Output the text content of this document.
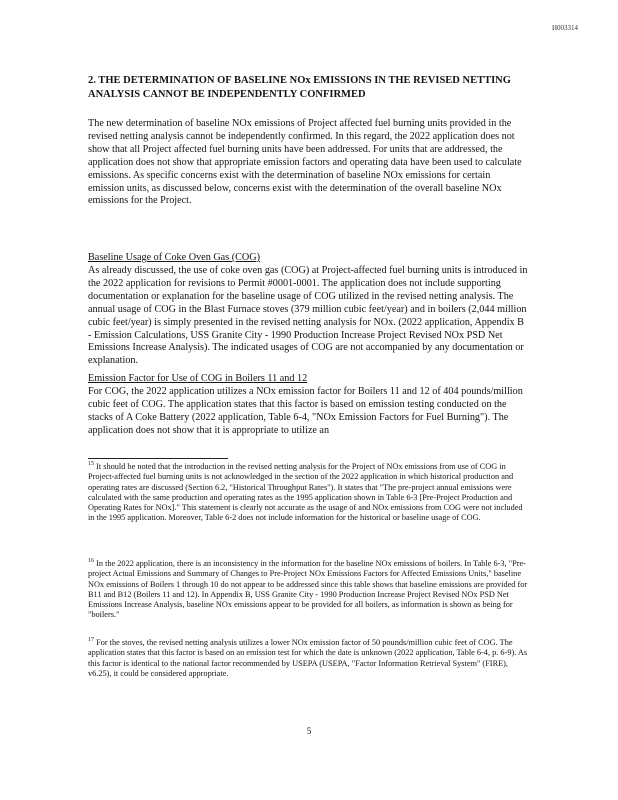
H003314

2. THE DETERMINATION OF BASELINE NOx EMISSIONS IN THE REVISED NETTING ANALYSIS CANNOT BE INDEPENDENTLY CONFIRMED

The new determination of baseline NOx emissions of Project affected fuel burning units provided in the revised netting analysis cannot be independently confirmed. In this regard, the 2022 application does not show that all Project affected fuel burning units have been addressed. For units that are addressed, the application does not show that appropriate emission factors and operating data have been used to calculate emissions. As specific concerns exist with the determination of baseline NOx emissions for certain emission units, as discussed below, concerns exist with the determination of the overall baseline NOx emissions for the Project.

Baseline Usage of Coke Oven Gas (COG)

As already discussed, the use of coke oven gas (COG) at Project-affected fuel burning units is introduced in the 2022 application for revisions to Permit #0001-0001. The application does not include supporting documentation or explanation for the baseline usage of COG utilized in the revised netting analysis. The annual usage of COG in the Blast Furnace stoves (379 million cubic feet/year) and in boilers (2,044 million cubic feet/year) is simply presented in the revised netting analysis for NOx. (2022 application, Appendix B - Emission Calculations, USS Granite City - 1990 Production Increase Project Revised NOx PSD Net Emissions Increase Analysis). The indicated usages of COG are not accompanied by any documentation or explanation.

Emission Factor for Use of COG in Boilers 11 and 12

For COG, the 2022 application utilizes a NOx emission factor for Boilers 11 and 12 of 404 pounds/million cubic feet of COG. The application states that this factor is based on emission testing conducted on the stacks of A Coke Battery (2022 application, Table 6-4, "NOx Emission Factors for Fuel Burning"). The application does not show that it is appropriate to utilize an

$^{15}$ It should be noted that the introduction in the revised netting analysis for the Project of NOx emissions from use of COG in Project-affected fuel burning units is not acknowledged in the section of the 2022 application in which historical production and operating rates are discussed (Section 6.2, "Historical Throughput Rates"). It states that "The pre-project annual emissions were calculated with the same production and operating rates as the 1995 application shown in Table 6-3 [Pre-Project Production and Operating Rates for NOx]." This statement is clearly not accurate as the usage of and NOx emissions from COG were not included in the 1995 application. Moreover, Table 6-2 does not include information for the historical or baseline usage of COG.

$^{16}$ In the 2022 application, there is an inconsistency in the information for the baseline NOx emissions of boilers. In Table 6-3, "Pre-project Actual Emissions and Summary of Changes to Pre-Project NOx Emissions Factors for Affected Emissions Units," baseline NOx emissions of Boilers 1 through 10 do not appear to be addressed since this table shows that baseline emissions are provided for B11 and B12 (Boilers 11 and 12). In Appendix B, USS Granite City - 1990 Production Increase Project Revised NOx PSD Net Emissions Increase Analysis, baseline NOx emissions appear to be provided for all boilers, as information is shown as being for "boilers."

$^{17}$ For the stoves, the revised netting analysis utilizes a lower NOx emission factor of 50 pounds/million cubic feet of COG. The application states that this factor is based on an emission test for which the date is unknown (2022 application, Table 6-4, p. 6-9). As this factor is identical to the national factor recommended by USEPA (USEPA, "Factor Information Retrieval System" (FIRE), v6.25), it could be considered appropriate.

5
